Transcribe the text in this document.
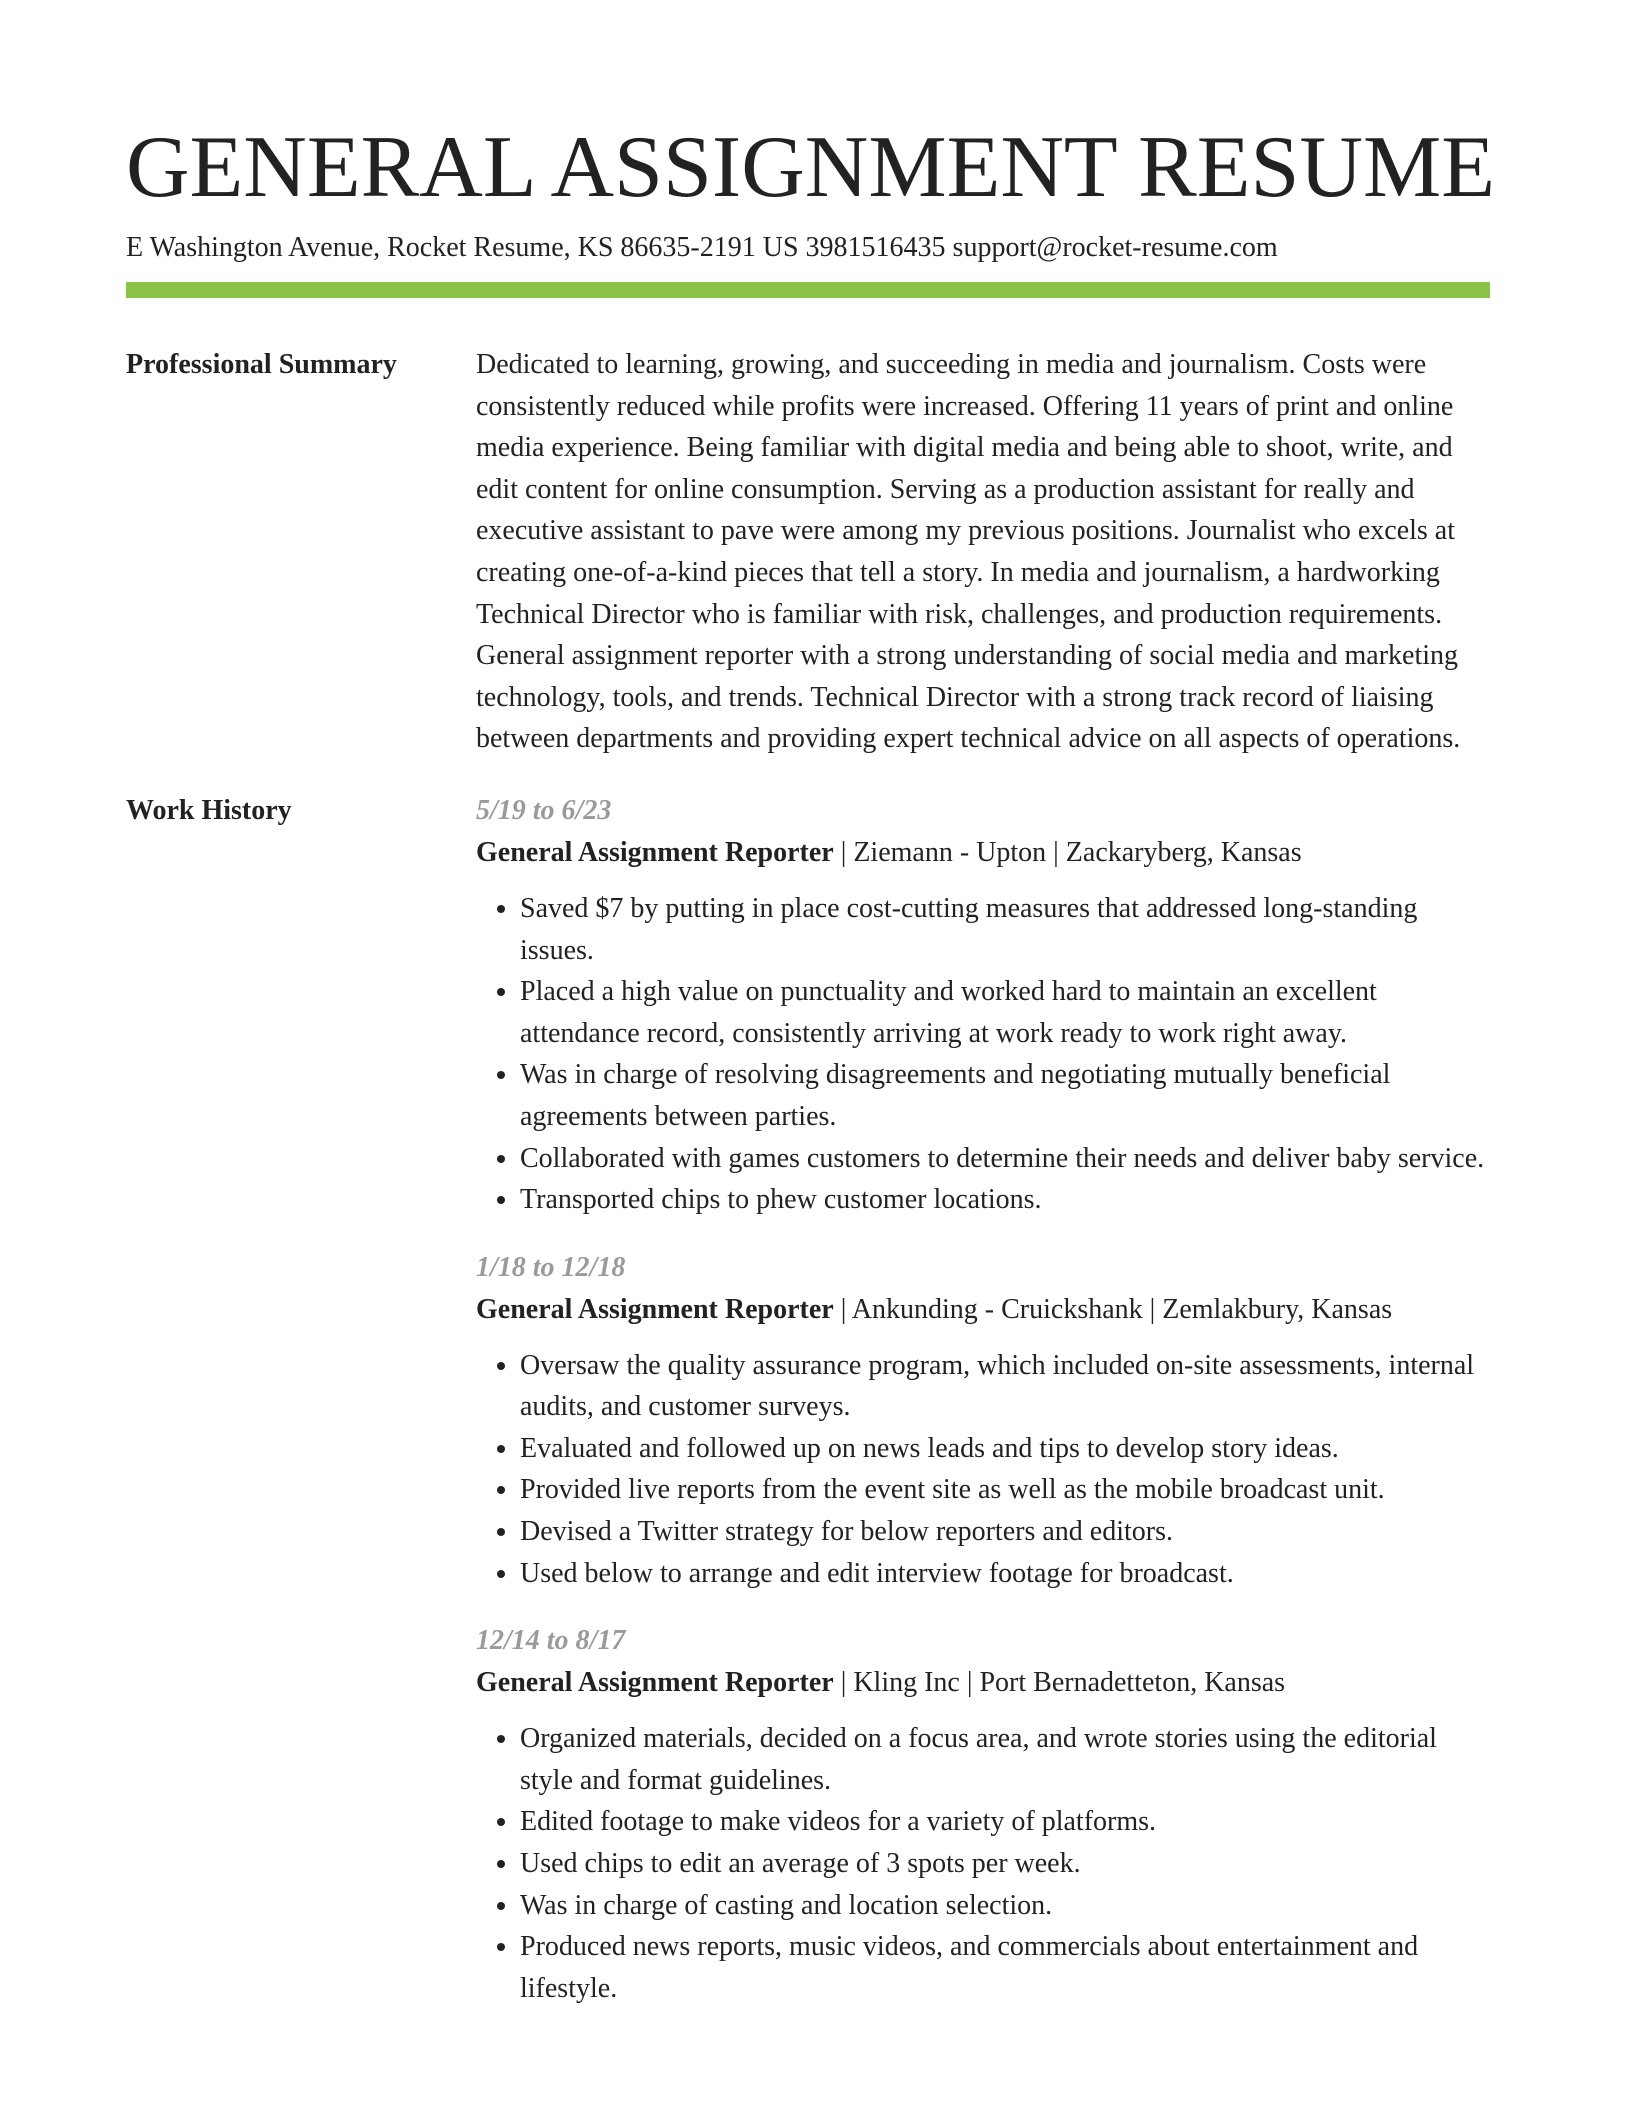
GENERAL ASSIGNMENT RESUME
E Washington Avenue, Rocket Resume, KS 86635-2191 US 3981516435 support@rocket-resume.com
Professional Summary	Dedicated to learning, growing, and succeeding in media and journalism. Costs were consistently reduced while profits were increased. Offering 11 years of print and online media experience. Being familiar with digital media and being able to shoot, write, and edit content for online consumption. Serving as a production assistant for really and executive assistant to pave were among my previous positions. Journalist who excels at creating one-of-a-kind pieces that tell a story. In media and journalism, a hardworking Technical Director who is familiar with risk, challenges, and production requirements. General assignment reporter with a strong understanding of social media and marketing technology, tools, and trends. Technical Director with a strong track record of liaising between departments and providing expert technical advice on all aspects of operations.

Work History	5/19 to 6/23
General Assignment Reporter | Ziemann - Upton | Zackaryberg, Kansas
• Saved $7 by putting in place cost-cutting measures that addressed long-standing issues.
• Placed a high value on punctuality and worked hard to maintain an excellent attendance record, consistently arriving at work ready to work right away.
• Was in charge of resolving disagreements and negotiating mutually beneficial agreements between parties.
• Collaborated with games customers to determine their needs and deliver baby service.
• Transported chips to phew customer locations.
1/18 to 12/18
General Assignment Reporter | Ankunding - Cruickshank | Zemlakbury, Kansas
• Oversaw the quality assurance program, which included on-site assessments, internal audits, and customer surveys.
• Evaluated and followed up on news leads and tips to develop story ideas.
• Provided live reports from the event site as well as the mobile broadcast unit.
• Devised a Twitter strategy for below reporters and editors.
• Used below to arrange and edit interview footage for broadcast.
12/14 to 8/17
General Assignment Reporter | Kling Inc | Port Bernadetteton, Kansas
• Organized materials, decided on a focus area, and wrote stories using the editorial style and format guidelines.
• Edited footage to make videos for a variety of platforms.
• Used chips to edit an average of 3 spots per week.
• Was in charge of casting and location selection.
• Produced news reports, music videos, and commercials about entertainment and lifestyle.
